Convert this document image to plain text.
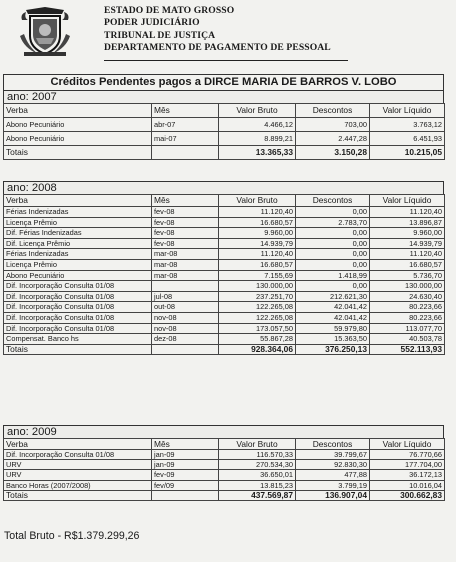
ESTADO DE MATO GROSSO
PODER JUDICIÁRIO
TRIBUNAL DE JUSTIÇA
DEPARTAMENTO DE PAGAMENTO DE PESSOAL
Créditos Pendentes pagos a DIRCE MARIA DE BARROS V. LOBO
ano: 2007
Verba	Mês	Valor Bruto	Descontos	Valor Líquido
Abono Pecuniário	abr-07	4.466,12	703,00	3.763,12
Abono Pecuniário	mai-07	8.899,21	2.447,28	6.451,93
Totais		13.365,33	3.150,28	10.215,05
ano: 2008
Verba	Mês	Valor Bruto	Descontos	Valor Líquido
Férias Indenizadas	fev-08	11.120,40	0,00	11.120,40
Licença Prêmio	fev-08	16.680,57	2.783,70	13.896,87
Dif. Férias Indenizadas	fev-08	9.960,00	0,00	9.960,00
Dif. Licença Prêmio	fev-08	14.939,79	0,00	14.939,79
Férias Indenizadas	mar-08	11.120,40	0,00	11.120,40
Licença Prêmio	mar-08	16.680,57	0,00	16.680,57
Abono Pecuniário	mar-08	7.155,69	1.418,99	5.736,70
Dif. Incorporação Consulta 01/08		130.000,00	0,00	130.000,00
Dif. Incorporação Consulta 01/08	jul-08	237.251,70	212.621,30	24.630,40
Dif. Incorporação Consulta 01/08	out-08	122.265,08	42.041,42	80.223,66
Dif. Incorporação Consulta 01/08	nov-08	122.265,08	42.041,42	80.223,66
Dif. Incorporação Consulta 01/08	nov-08	173.057,50	59.979,80	113.077,70
Compensat. Banco hs	dez-08	55.867,28	15.363,50	40.503,78
Totais		928.364,06	376.250,13	552.113,93
ano: 2009
Verba	Mês	Valor Bruto	Descontos	Valor Líquido
Dif. Incorporação Consulta 01/08	jan-09	116.570,33	39.799,67	76.770,66
URV	jan-09	270.534,30	92.830,30	177.704,00
URV	fev-09	36.650,01	477,88	36.172,13
Banco Horas (2007/2008)	fev/09	13.815,23	3.799,19	10.016,04
Totais		437.569,87	136.907,04	300.662,83
Total Bruto - R$1.379.299,26
